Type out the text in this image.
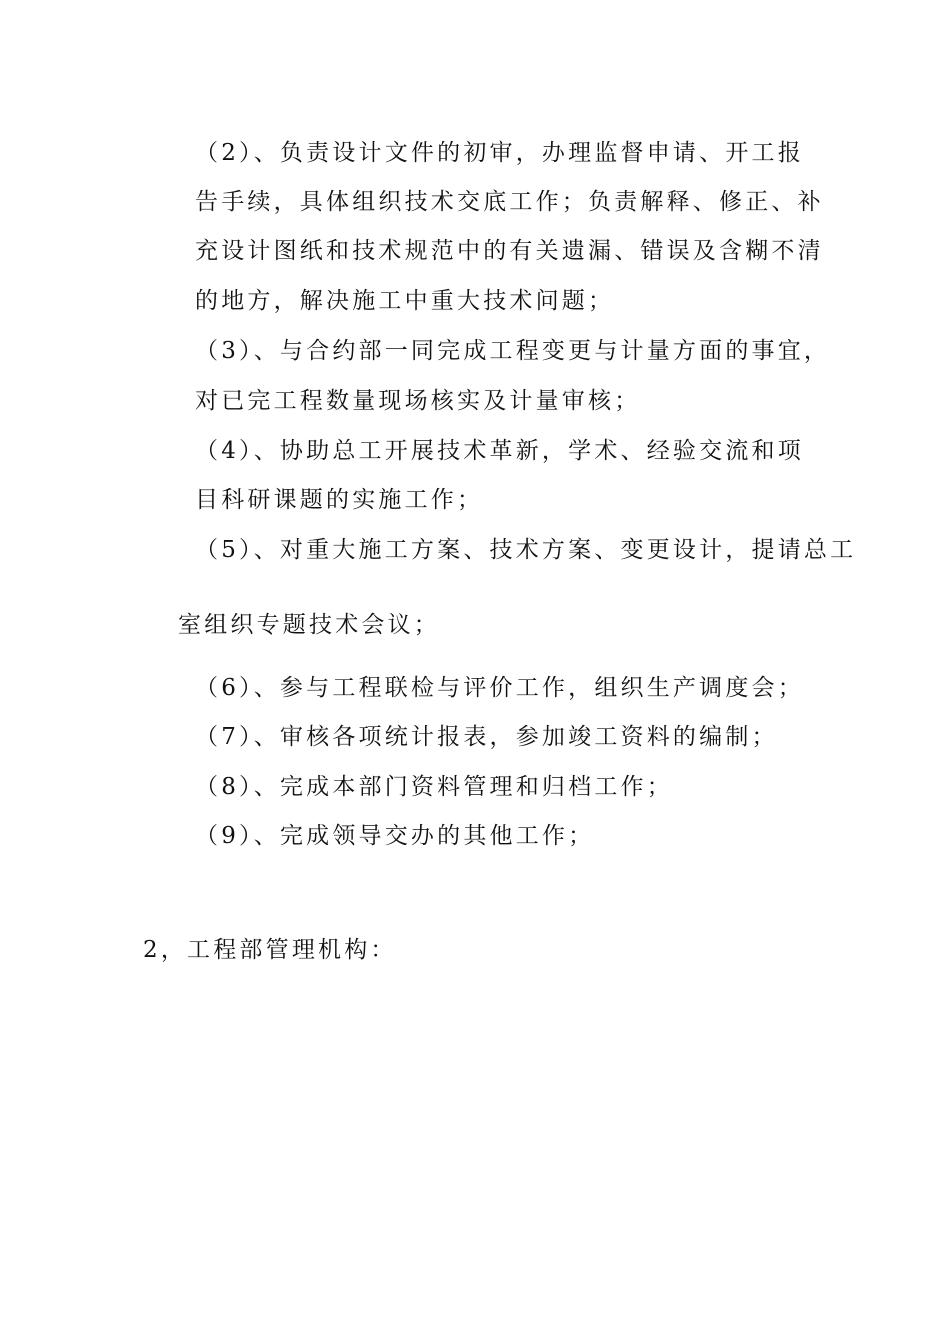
（2）、负责设计文件的初审，办理监督申请、开工报
告手续，具体组织技术交底工作；负责解释、修正、补
充设计图纸和技术规范中的有关遗漏、错误及含糊不清
的地方，解决施工中重大技术问题；
（3）、与合约部一同完成工程变更与计量方面的事宜，
对已完工程数量现场核实及计量审核；
（4）、协助总工开展技术革新，学术、经验交流和项
目科研课题的实施工作；
（5）、对重大施工方案、技术方案、变更设计，提请总工
室组织专题技术会议；
（6）、参与工程联检与评价工作，组织生产调度会；
（7）、审核各项统计报表，参加竣工资料的编制；
（8）、完成本部门资料管理和归档工作；
（9）、完成领导交办的其他工作；
2，工程部管理机构：
